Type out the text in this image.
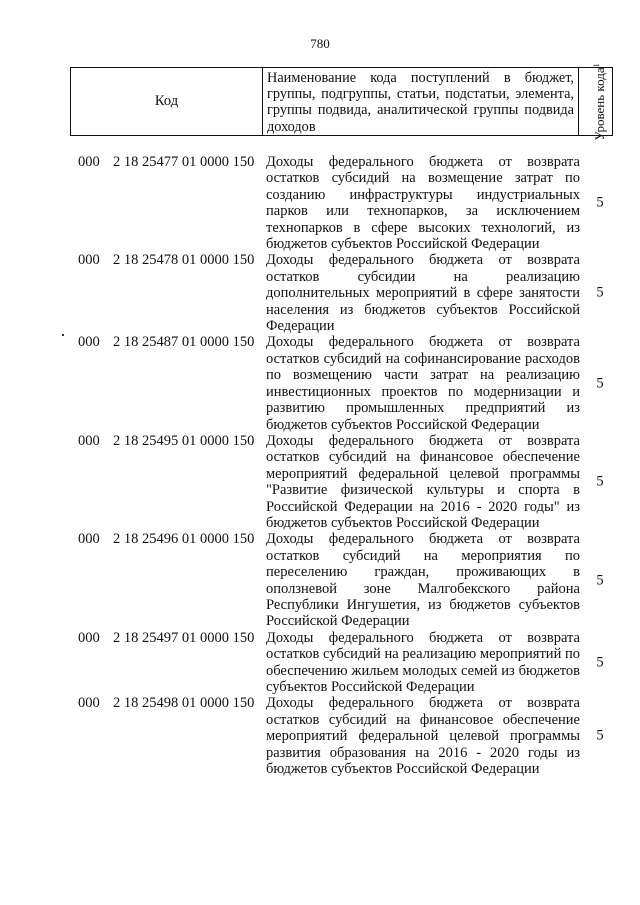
780
Код
Наименование кода поступлений в бюджет, группы, подгруппы, статьи, подстатьи, элемента, группы подвида, аналитической группы подвида доходов	Уровень кода$^1$
000 2 18 25477 01 0000 150 Доходы федерального бюджета от возврата остатков субсидий на возмещение затрат по созданию инфраструктуры индустриальных парков или технопарков, за исключением технопарков в сфере высоких технологий, из бюджетов субъектов Российской Федерации
5
000 2 18 25478 01 0000 150 Доходы федерального бюджета от возврата остатков субсидии на реализацию дополнительных мероприятий в сфере занятости населения из бюджетов субъектов Российской Федерации
5
000 2 18 25487 01 0000 150 Доходы федерального бюджета от возврата остатков субсидий на софинансирование расходов по возмещению части затрат на реализацию инвестиционных проектов по модернизации и развитию промышленных предприятий из бюджетов субъектов Российской Федерации
5
000 2 18 25495 01 0000 150 Доходы федерального бюджета от возврата остатков субсидий на финансовое обеспечение мероприятий федеральной целевой программы "Развитие физической культуры и спорта в Российской Федерации на 2016 - 2020 годы" из бюджетов субъектов Российской Федерации
5
000 2 18 25496 01 0000 150 Доходы федерального бюджета от возврата остатков субсидий на мероприятия по переселению граждан, проживающих в оползневой зоне Малгобекского района Республики Ингушетия, из бюджетов субъектов Российской Федерации
5
000 2 18 25497 01 0000 150 Доходы федерального бюджета от возврата остатков субсидий на реализацию мероприятий по обеспечению жильем молодых семей из бюджетов субъектов Российской Федерации
5
000 2 18 25498 01 0000 150 Доходы федерального бюджета от возврата остатков субсидий на финансовое обеспечение мероприятий федеральной целевой программы развития образования на 2016 - 2020 годы из бюджетов субъектов Российской Федерации
5
